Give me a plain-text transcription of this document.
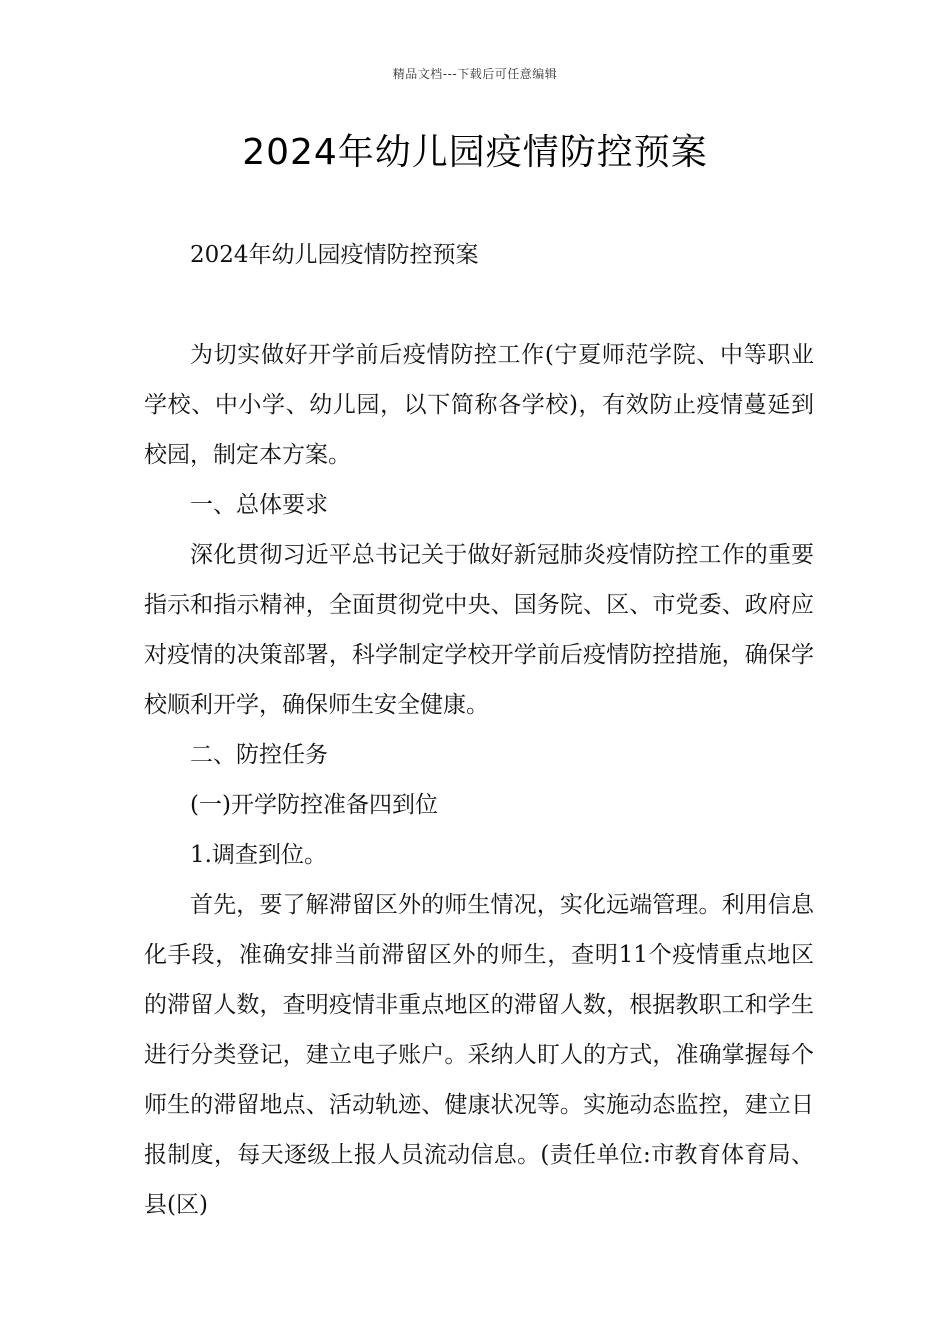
精品文档---下载后可任意编辑
2024年幼儿园疫情防控预案

2024年幼儿园疫情防控预案

为切实做好开学前后疫情防控工作(宁夏师范学院、中等职业学校、中小学、幼儿园，以下简称各学校)，有效防止疫情蔓延到校园，制定本方案。

一、总体要求

深化贯彻习近平总书记关于做好新冠肺炎疫情防控工作的重要指示和指示精神，全面贯彻党中央、国务院、区、市党委、政府应对疫情的决策部署，科学制定学校开学前后疫情防控措施，确保学校顺利开学，确保师生安全健康。

二、防控任务

(一)开学防控准备四到位

1.调查到位。

首先，要了解滞留区外的师生情况，实化远端管理。利用信息化手段，准确安排当前滞留区外的师生，查明11个疫情重点地区的滞留人数，查明疫情非重点地区的滞留人数，根据教职工和学生进行分类登记，建立电子账户。采纳人盯人的方式，准确掌握每个师生的滞留地点、活动轨迹、健康状况等。实施动态监控，建立日报制度，每天逐级上报人员流动信息。(责任单位:市教育体育局、县(区)
